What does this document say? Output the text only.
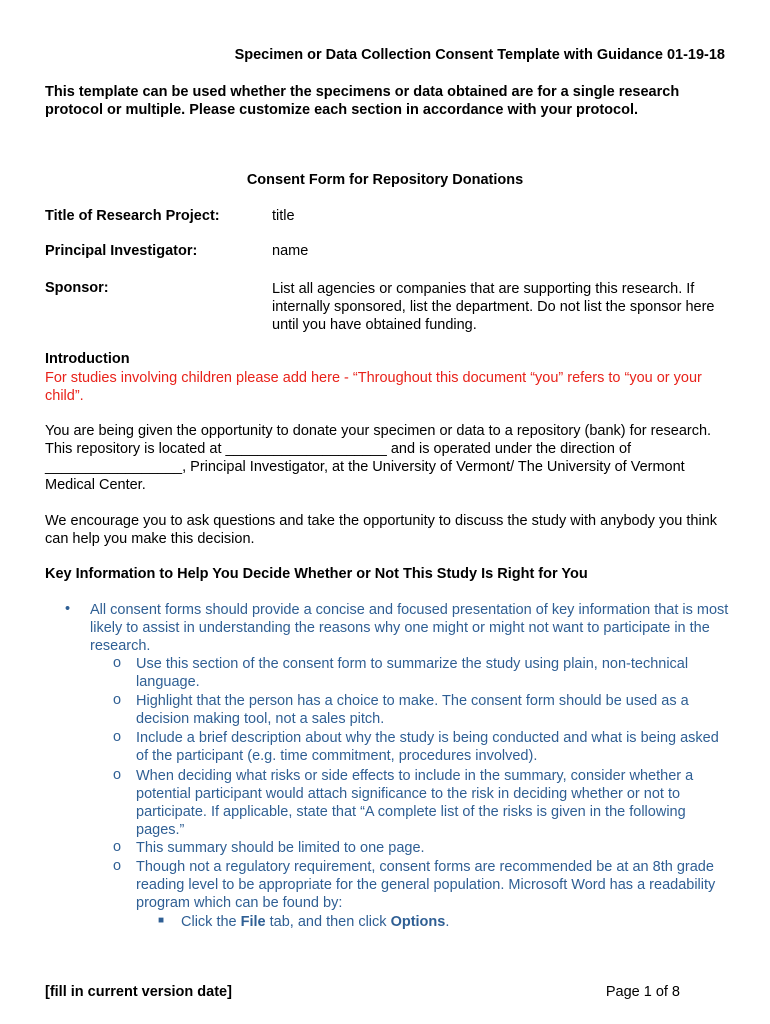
Specimen or Data Collection Consent Template with Guidance 01-19-18
This template can be used whether the specimens or data obtained are for a single research protocol or multiple. Please customize each section in accordance with your protocol.
Consent Form for Repository Donations
Title of Research Project:	title
Principal Investigator:	name
Sponsor:	List all agencies or companies that are supporting this research. If internally sponsored, list the department. Do not list the sponsor here until you have obtained funding.
Introduction
For studies involving children please add here - “Throughout this document “you” refers to “you or your child”.
You are being given the opportunity to donate your specimen or data to a repository (bank) for research. This repository is located at ____________________ and is operated under the direction of _________________, Principal Investigator, at the University of Vermont/ The University of Vermont Medical Center.
We encourage you to ask questions and take the opportunity to discuss the study with anybody you think can help you make this decision.
Key Information to Help You Decide Whether or Not This Study Is Right for You
• All consent forms should provide a concise and focused presentation of key information that is most likely to assist in understanding the reasons why one might or might not want to participate in the research.
o Use this section of the consent form to summarize the study using plain, non-technical language.
o Highlight that the person has a choice to make. The consent form should be used as a decision making tool, not a sales pitch.
o Include a brief description about why the study is being conducted and what is being asked of the participant (e.g. time commitment, procedures involved).
o When deciding what risks or side effects to include in the summary, consider whether a potential participant would attach significance to the risk in deciding whether or not to participate. If applicable, state that “A complete list of the risks is given in the following pages.”
o This summary should be limited to one page.
o Though not a regulatory requirement, consent forms are recommended be at an 8th grade reading level to be appropriate for the general population. Microsoft Word has a readability program which can be found by:
■ Click the File tab, and then click Options.
[fill in current version date]	Page 1 of 8
